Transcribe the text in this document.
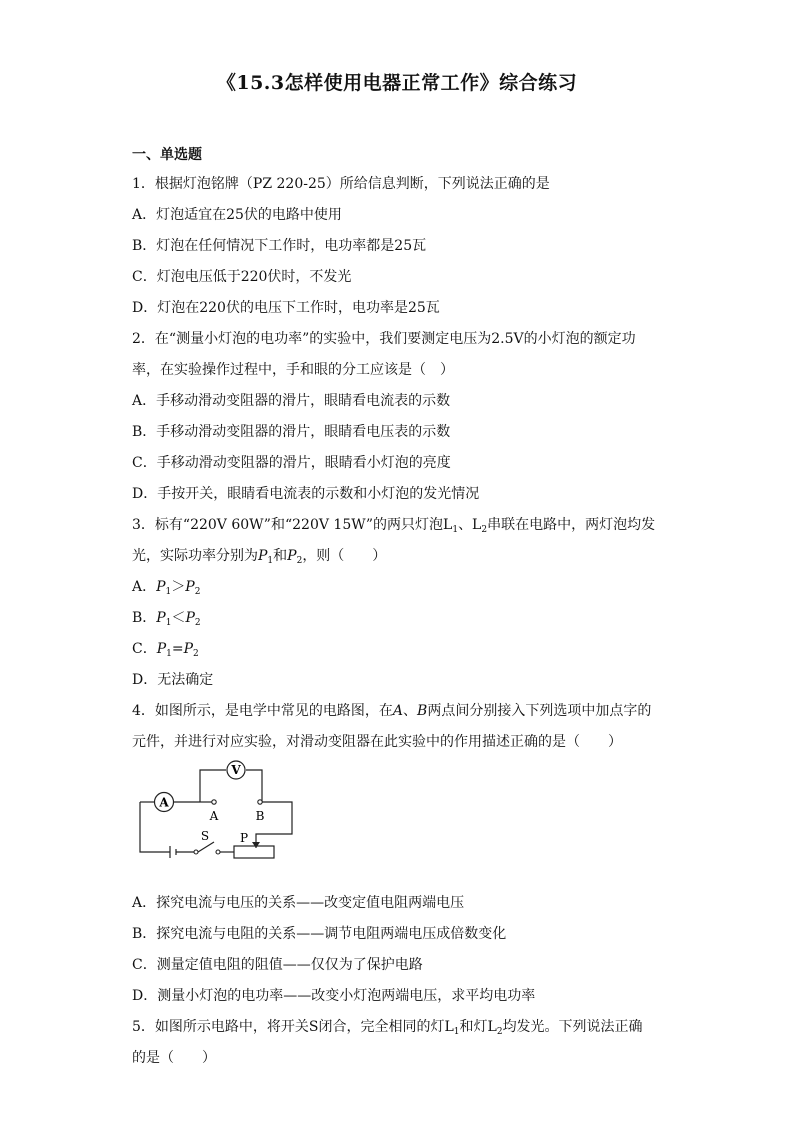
《15.3怎样使用电器正常工作》综合练习
一、单选题
1．根据灯泡铭牌（PZ 220-25）所给信息判断，下列说法正确的是
A．灯泡适宜在25伏的电路中使用
B．灯泡在任何情况下工作时，电功率都是25瓦
C．灯泡电压低于220伏时，不发光
D．灯泡在220伏的电压下工作时，电功率是25瓦
2．在“测量小灯泡的电功率”的实验中，我们要测定电压为2.5V的小灯泡的额定功
率，在实验操作过程中，手和眼的分工应该是（　）
A．手移动滑动变阻器的滑片，眼睛看电流表的示数
B．手移动滑动变阻器的滑片，眼睛看电压表的示数
C．手移动滑动变阻器的滑片，眼睛看小灯泡的亮度
D．手按开关，眼睛看电流表的示数和小灯泡的发光情况
3．标有“220V 60W”和“220V 15W”的两只灯泡$L_1$、$L_2$串联在电路中，两灯泡均发
光，实际功率分别为$P_1$和$P_2$，则（　　）
A．$P_1>P_2$
B．$P_1<P_2$
C．$P_1=P_2$
D．无法确定
4．如图所示，是电学中常见的电路图，在A、B两点间分别接入下列选项中加点字的
元件，并进行对应实验，对滑动变阻器在此实验中的作用描述正确的是（　　）
V
A
A	B
S	P
A．探究电流与电压的关系——改变定值电阻两端电压
B．探究电流与电阻的关系——调节电阻两端电压成倍数变化
C．测量定值电阻的阻值——仅仅为了保护电路
D．测量小灯泡的电功率——改变小灯泡两端电压，求平均电功率
5．如图所示电路中，将开关S闭合，完全相同的灯$L_1$和灯$L_2$均发光。下列说法正确
的是（　　）
